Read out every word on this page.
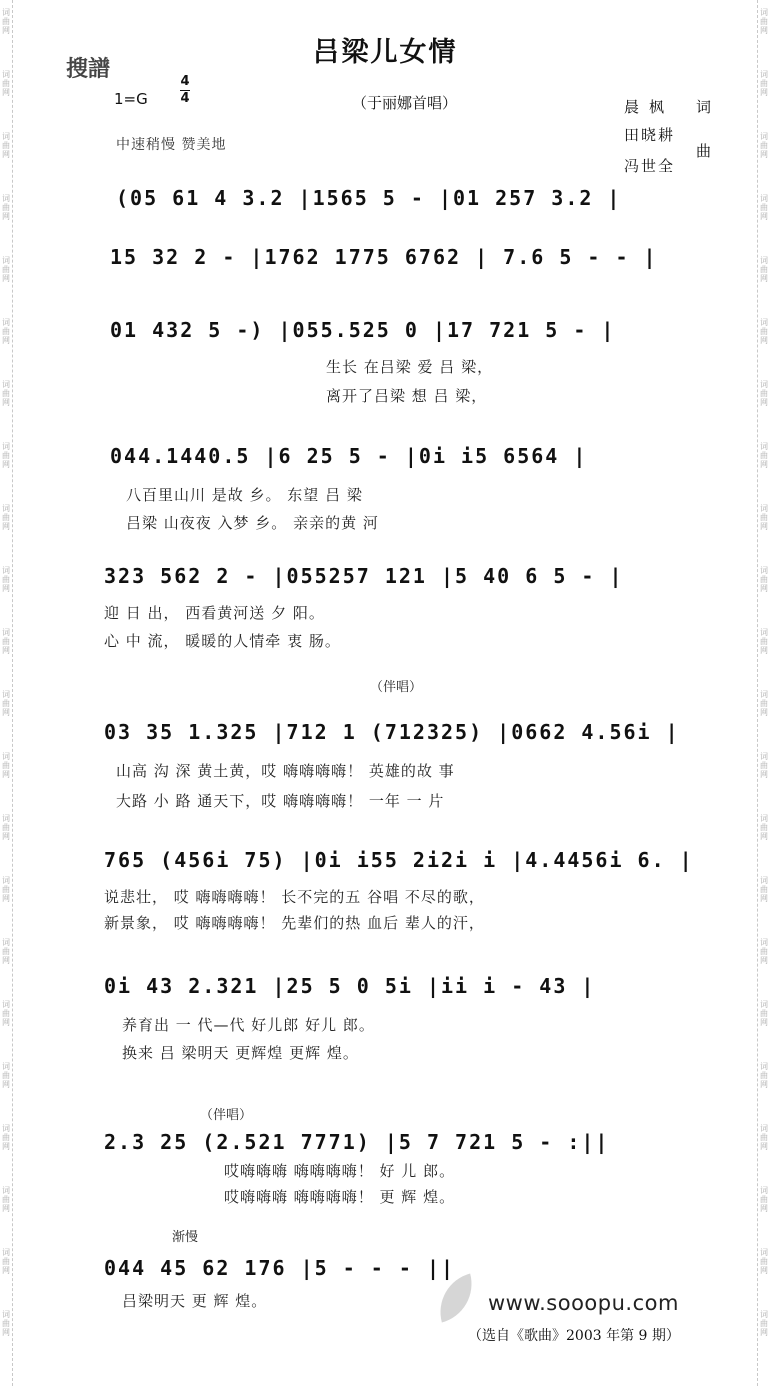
词
曲
网
词
曲
网
词
曲
网
词
曲
网
词
曲
网
词
曲
网
词
曲
网
词
曲
网
词
曲
网
词
曲
网
词
曲
网
词
曲
网
词
曲
网
词
曲
网
词
曲
网
词
曲
网
词
曲
网
词
曲
网
词
曲
网
词
曲
网
词
曲
网
词
曲
网
词
曲
网
词
曲
网
词
曲
网
词
曲
网
词
曲
网
词
曲
网
词
曲
网
词
曲
网
词
曲
网
词
曲
网
词
曲
网
词
曲
网
词
曲
网
词
曲
网
词
曲
网
词
曲
网
词
曲
网
词
曲
网
词
曲
网
词
曲
网
词
曲
网
词
曲
网
搜譜
吕梁儿女情
1=G
4
4	（于丽娜首唱）	晨枫 词
田晓耕
冯世全
曲
中速稍慢 赞美地
(05 61 4 3.2 |1565 5 - |01 257 3.2 |
15 32 2 - |1762 1775 6762 | 7.6 5 - - |
01 432 5 -) |055.525 0 |17 721 5 - |
生长 在吕梁 爱 吕 梁，
离开了吕梁 想 吕 梁，
044.1440.5 |6 25 5 - |0i i5 6564 |
八百里山川 是故 乡。 东望 吕 梁
吕梁 山夜夜 入梦 乡。 亲亲的黄 河
323 562 2 - |055257 121 |5 40 6 5 - |
迎 日 出， 西看黄河送 夕 阳。
心 中 流， 暖暖的人情牵 衷 肠。
（伴唱）
03 35 1.325 |712 1 (712325) |0662 4.56i |
山高 沟 深 黄土黄，哎 嗨嗨嗨嗨！ 英雄的故 事
大路 小 路 通天下，哎 嗨嗨嗨嗨！ 一年 一 片
765 (456i 75) |0i i55 2i2i i |4.4456i 6. |
说悲壮， 哎 嗨嗨嗨嗨！ 长不完的五 谷唱 不尽的歌，
新景象， 哎 嗨嗨嗨嗨！ 先辈们的热 血后 辈人的汗，
0i 43 2.321 |25 5 0 5i |ii i - 43 |
养育出 一 代—代 好儿郎 好儿 郎。
换来 吕 梁明天 更辉煌 更辉 煌。
（伴唱）
2.3 25 (2.521 7771) |5 7 721 5 - :||
哎嗨嗨嗨 嗨嗨嗨嗨！ 好 儿 郎。
哎嗨嗨嗨 嗨嗨嗨嗨！ 更 辉 煌。
渐慢
044 45 62 176 |5 - - - ||
吕梁明天 更 辉 煌。	www.sooopu.com
（选自《歌曲》2003 年第 9 期）
